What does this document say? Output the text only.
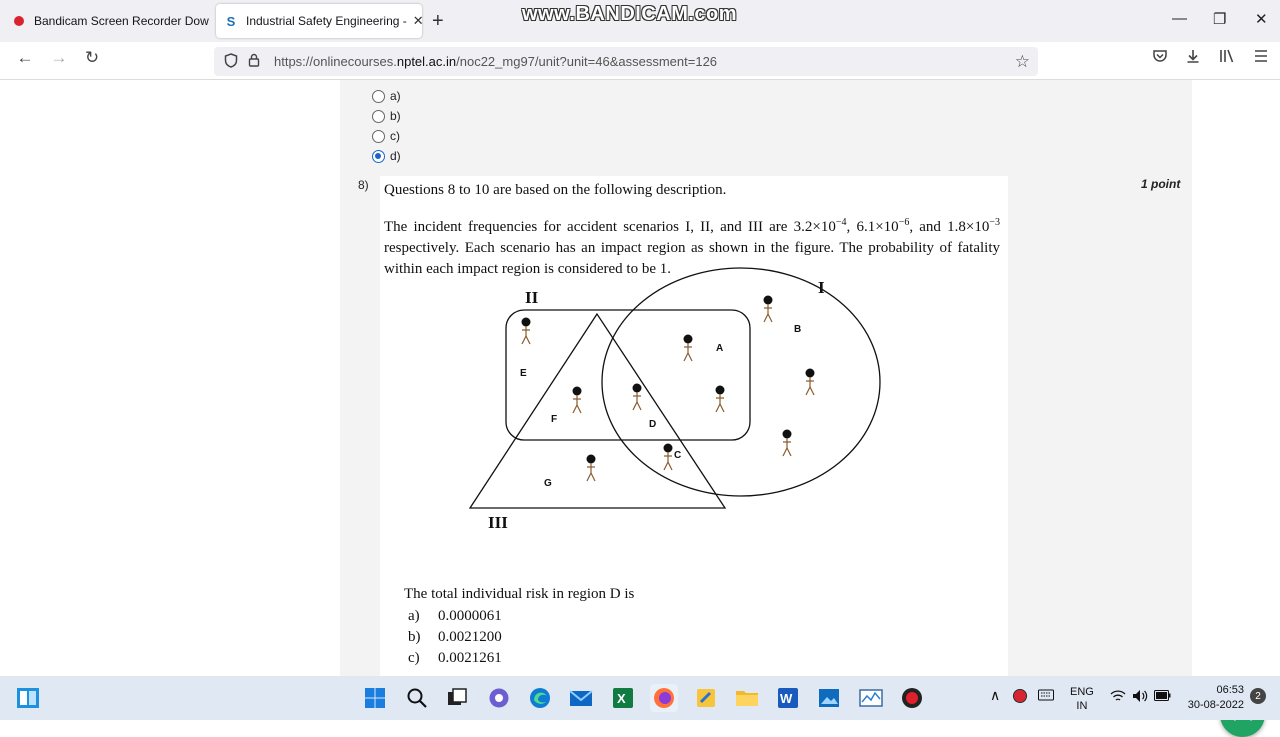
Bandicam Screen Recorder Dow S Industrial Safety Engineering - ✕ +	www.BANDICAM.com	— ❐ ✕
← →	↻	https://onlinecourses.nptel.ac.in/noc22_mg97/unit?unit=46&assessment=126	☆
a)
b)
c)
d)
8)	1 point
Questions 8 to 10 are based on the following description.
The incident frequencies for accident scenarios I, II, and III are $3.2\times 10^{-4}$, $6.1\times 10^{-6}$, and $1.8\times 10^{-3}$ respectively. Each scenario has an impact region as shown in the figure. The probability of fatality within each impact region is considered to be 1.
II
I
III
A
B
C
D
E
F
G
The total individual risk in region D is
a) 0.0000061
b) 0.0021200
c) 0.0021261
X	W	∧	ENG
IN
06:53
30-08-2022
2
